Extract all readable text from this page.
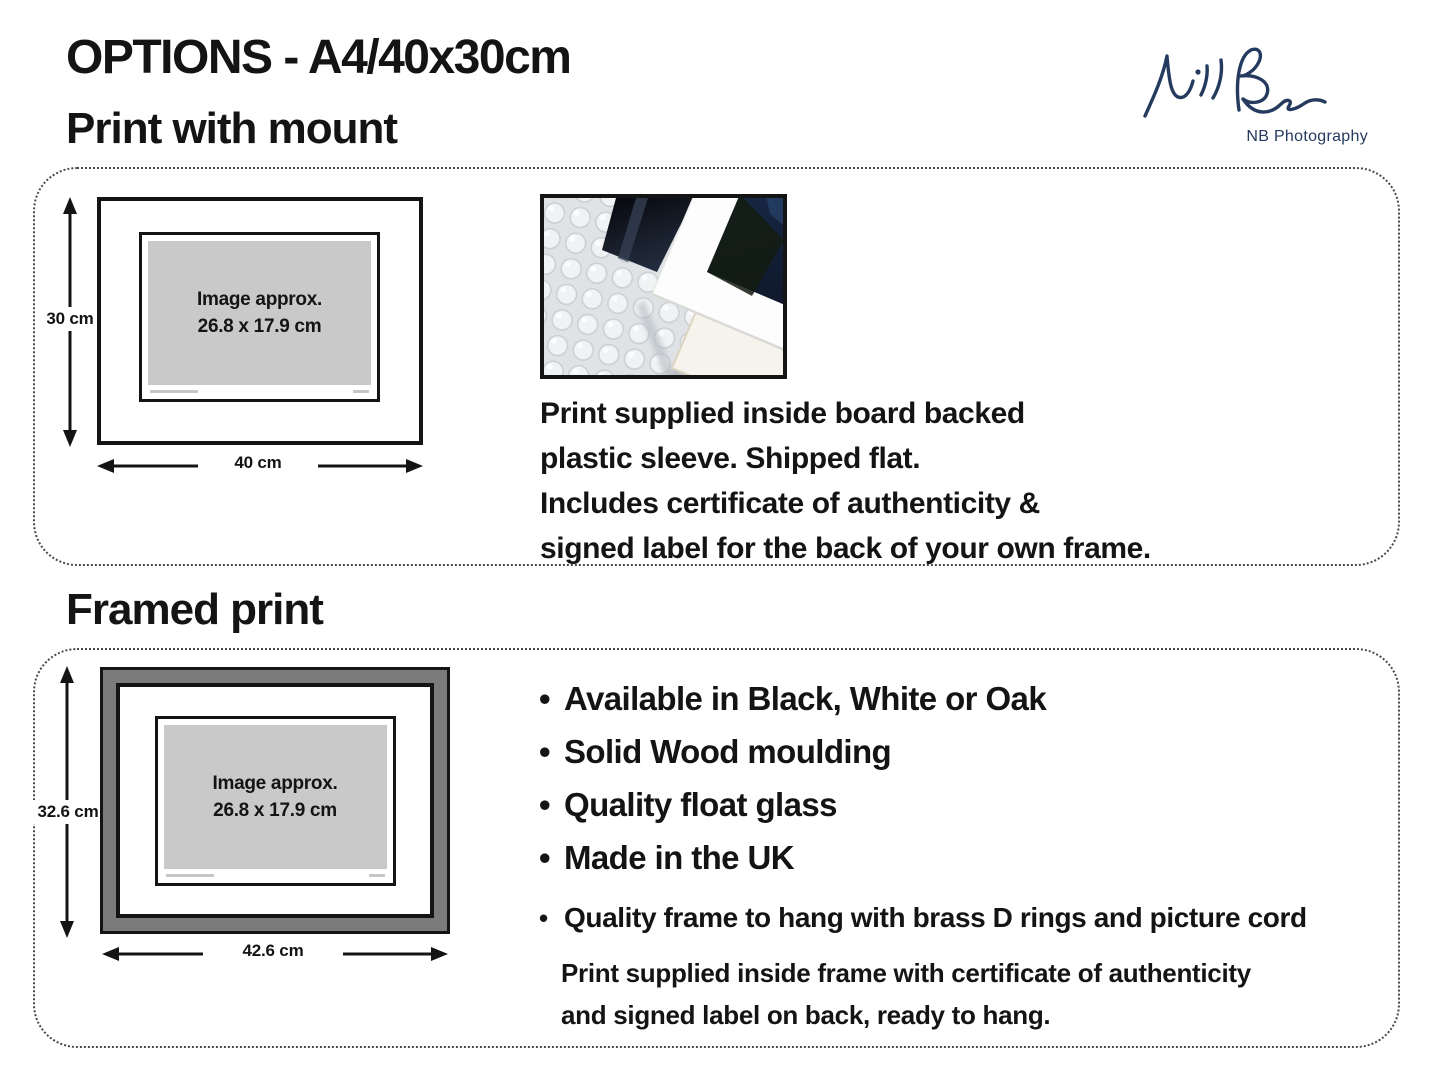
OPTIONS - A4/40x30cm
Print with mount	NB Photography
30 cm
Image approx.
26.8 x 17.9 cm
40 cm
Print supplied inside board backed
plastic sleeve. Shipped flat.
Includes certificate of authenticity &
signed label for the back of your own frame.
Framed print
32.6 cm
Image approx.
26.8 x 17.9 cm
42.6 cm
• Available in Black, White or Oak
• Solid Wood moulding
• Quality float glass
• Made in the UK
• Quality frame to hang with brass D rings and picture cord
Print supplied inside frame with certificate of authenticity
and signed label on back, ready to hang.
